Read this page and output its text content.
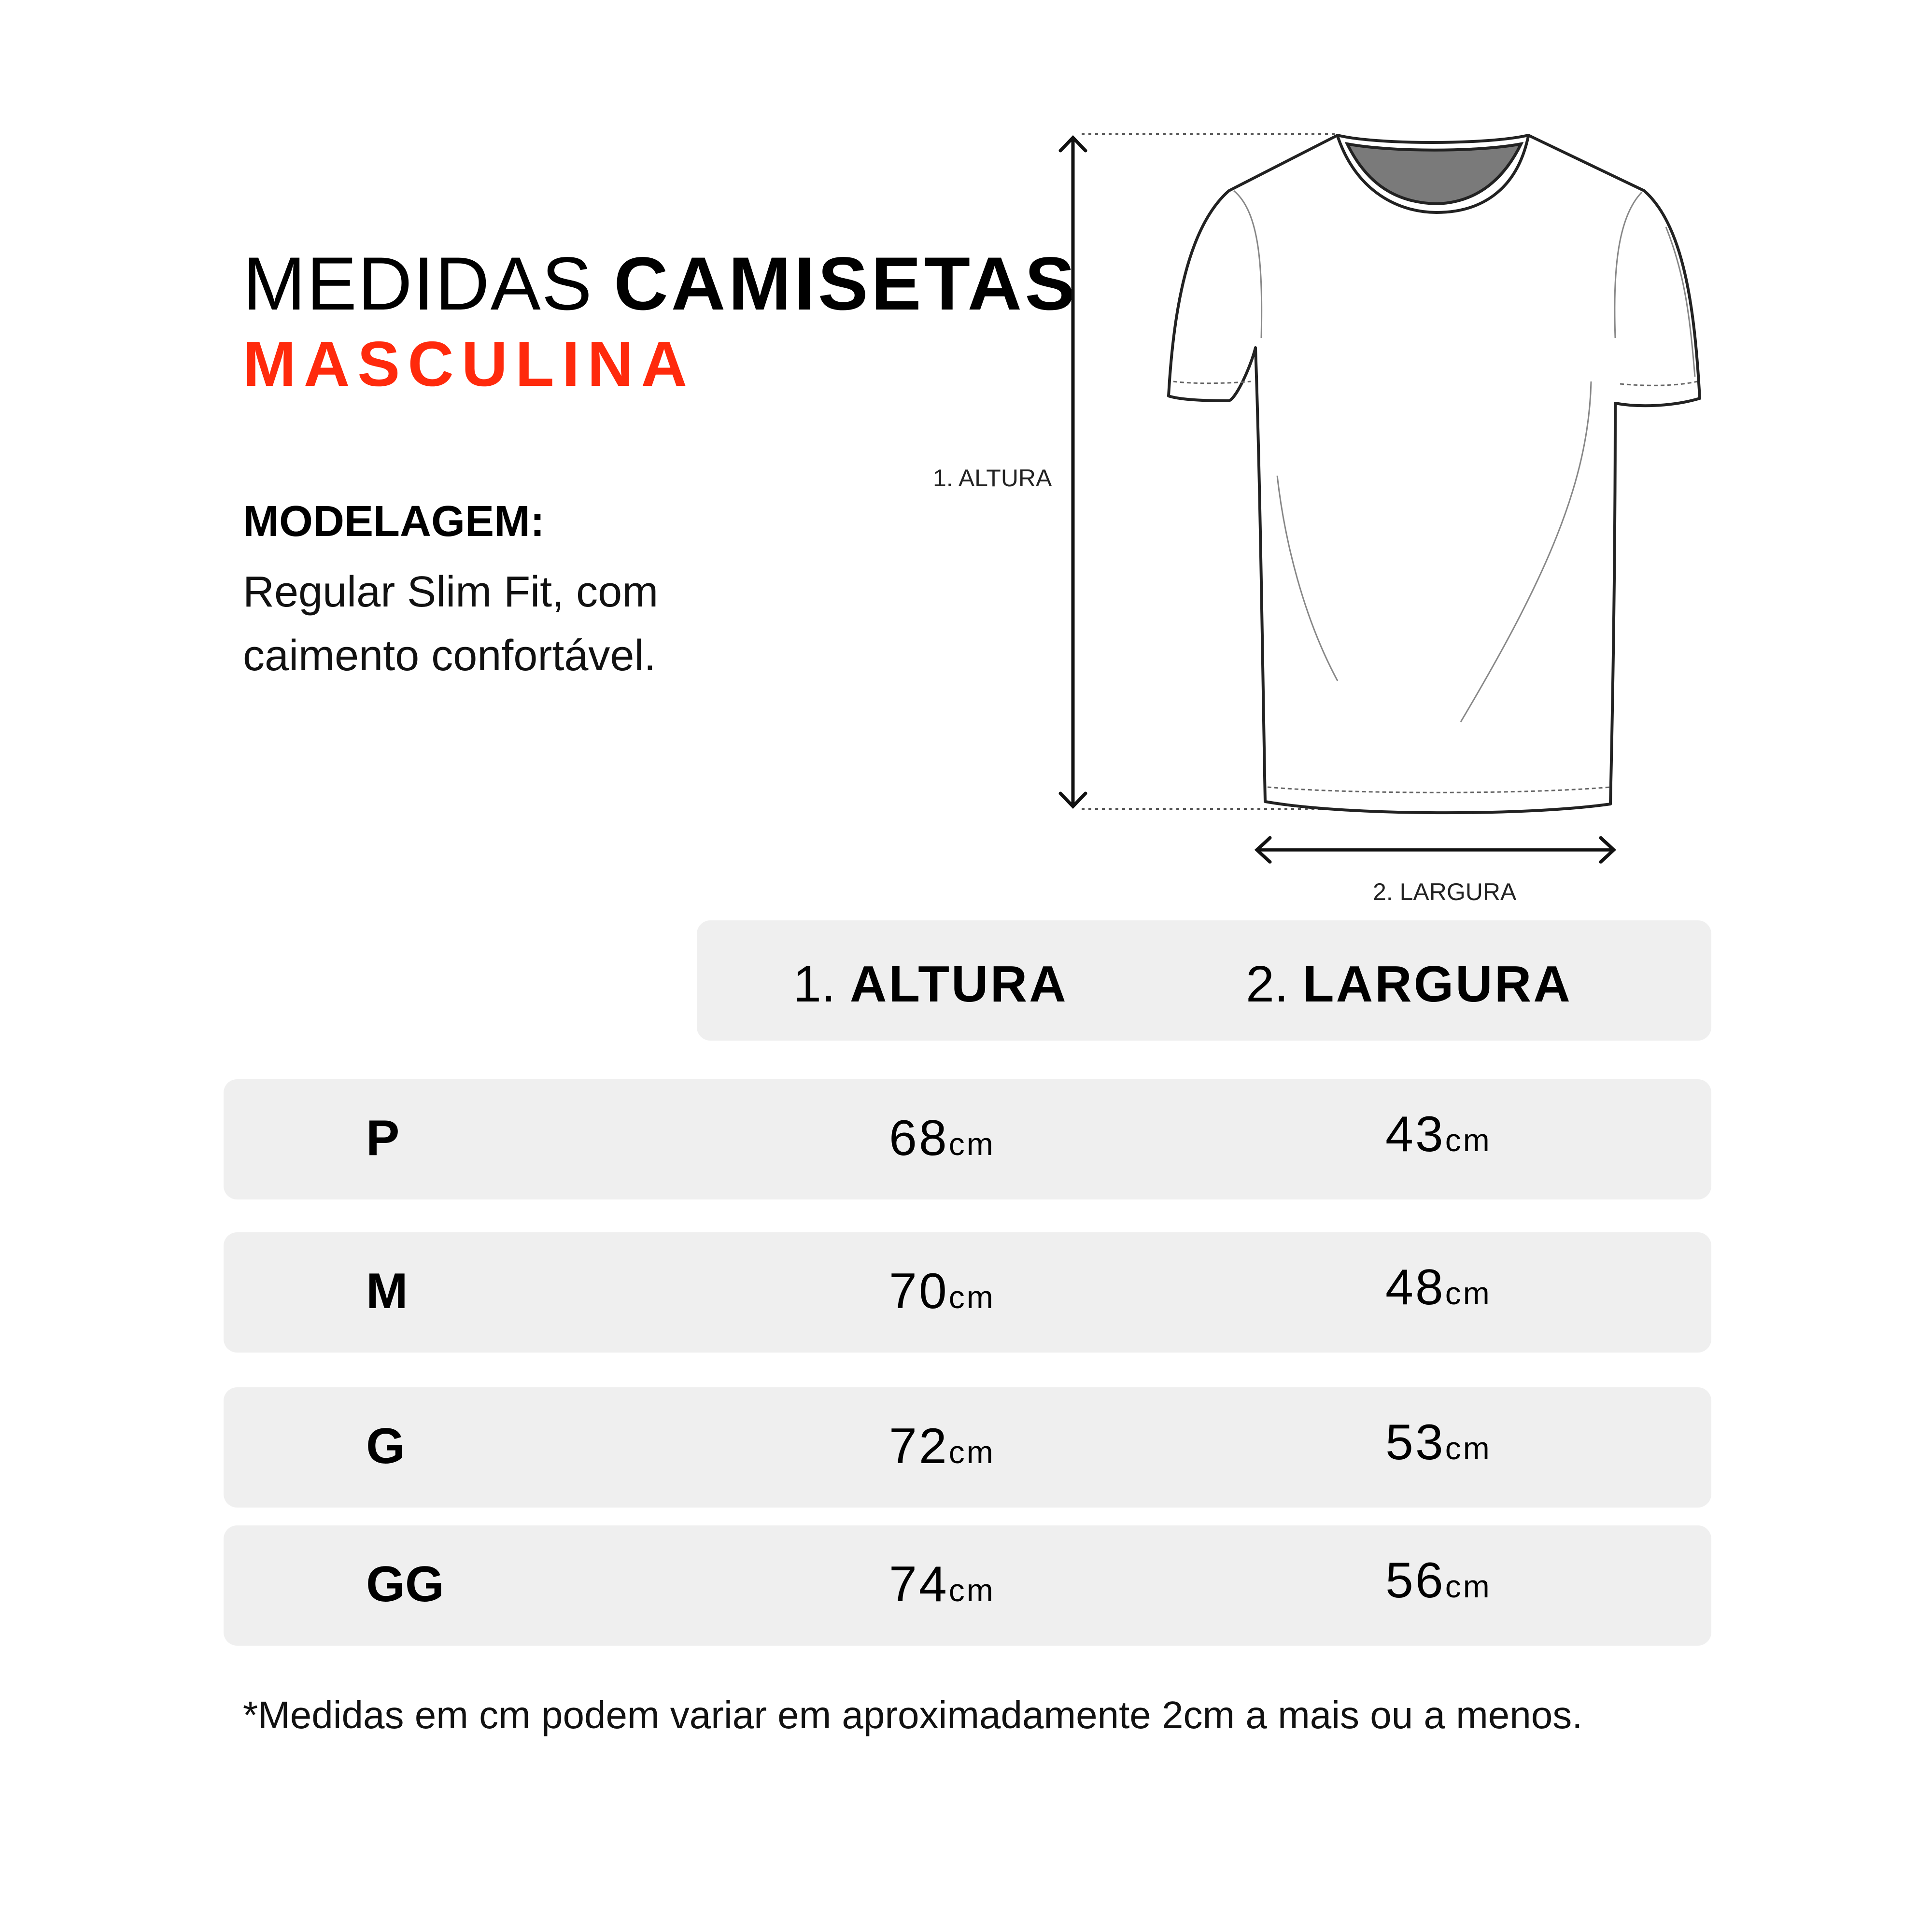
MEDIDAS CAMISETAS
MASCULINA
MODELAGEM:
Regular Slim Fit, com
caimento confortável.
1. ALTURA
2. LARGURA
1. ALTURA	2. LARGURA
P	68cm	43cm
M	70cm	48cm
G	72cm	53cm
GG	74cm	56cm
*Medidas em cm podem variar em aproximadamente 2cm a mais ou a menos.
